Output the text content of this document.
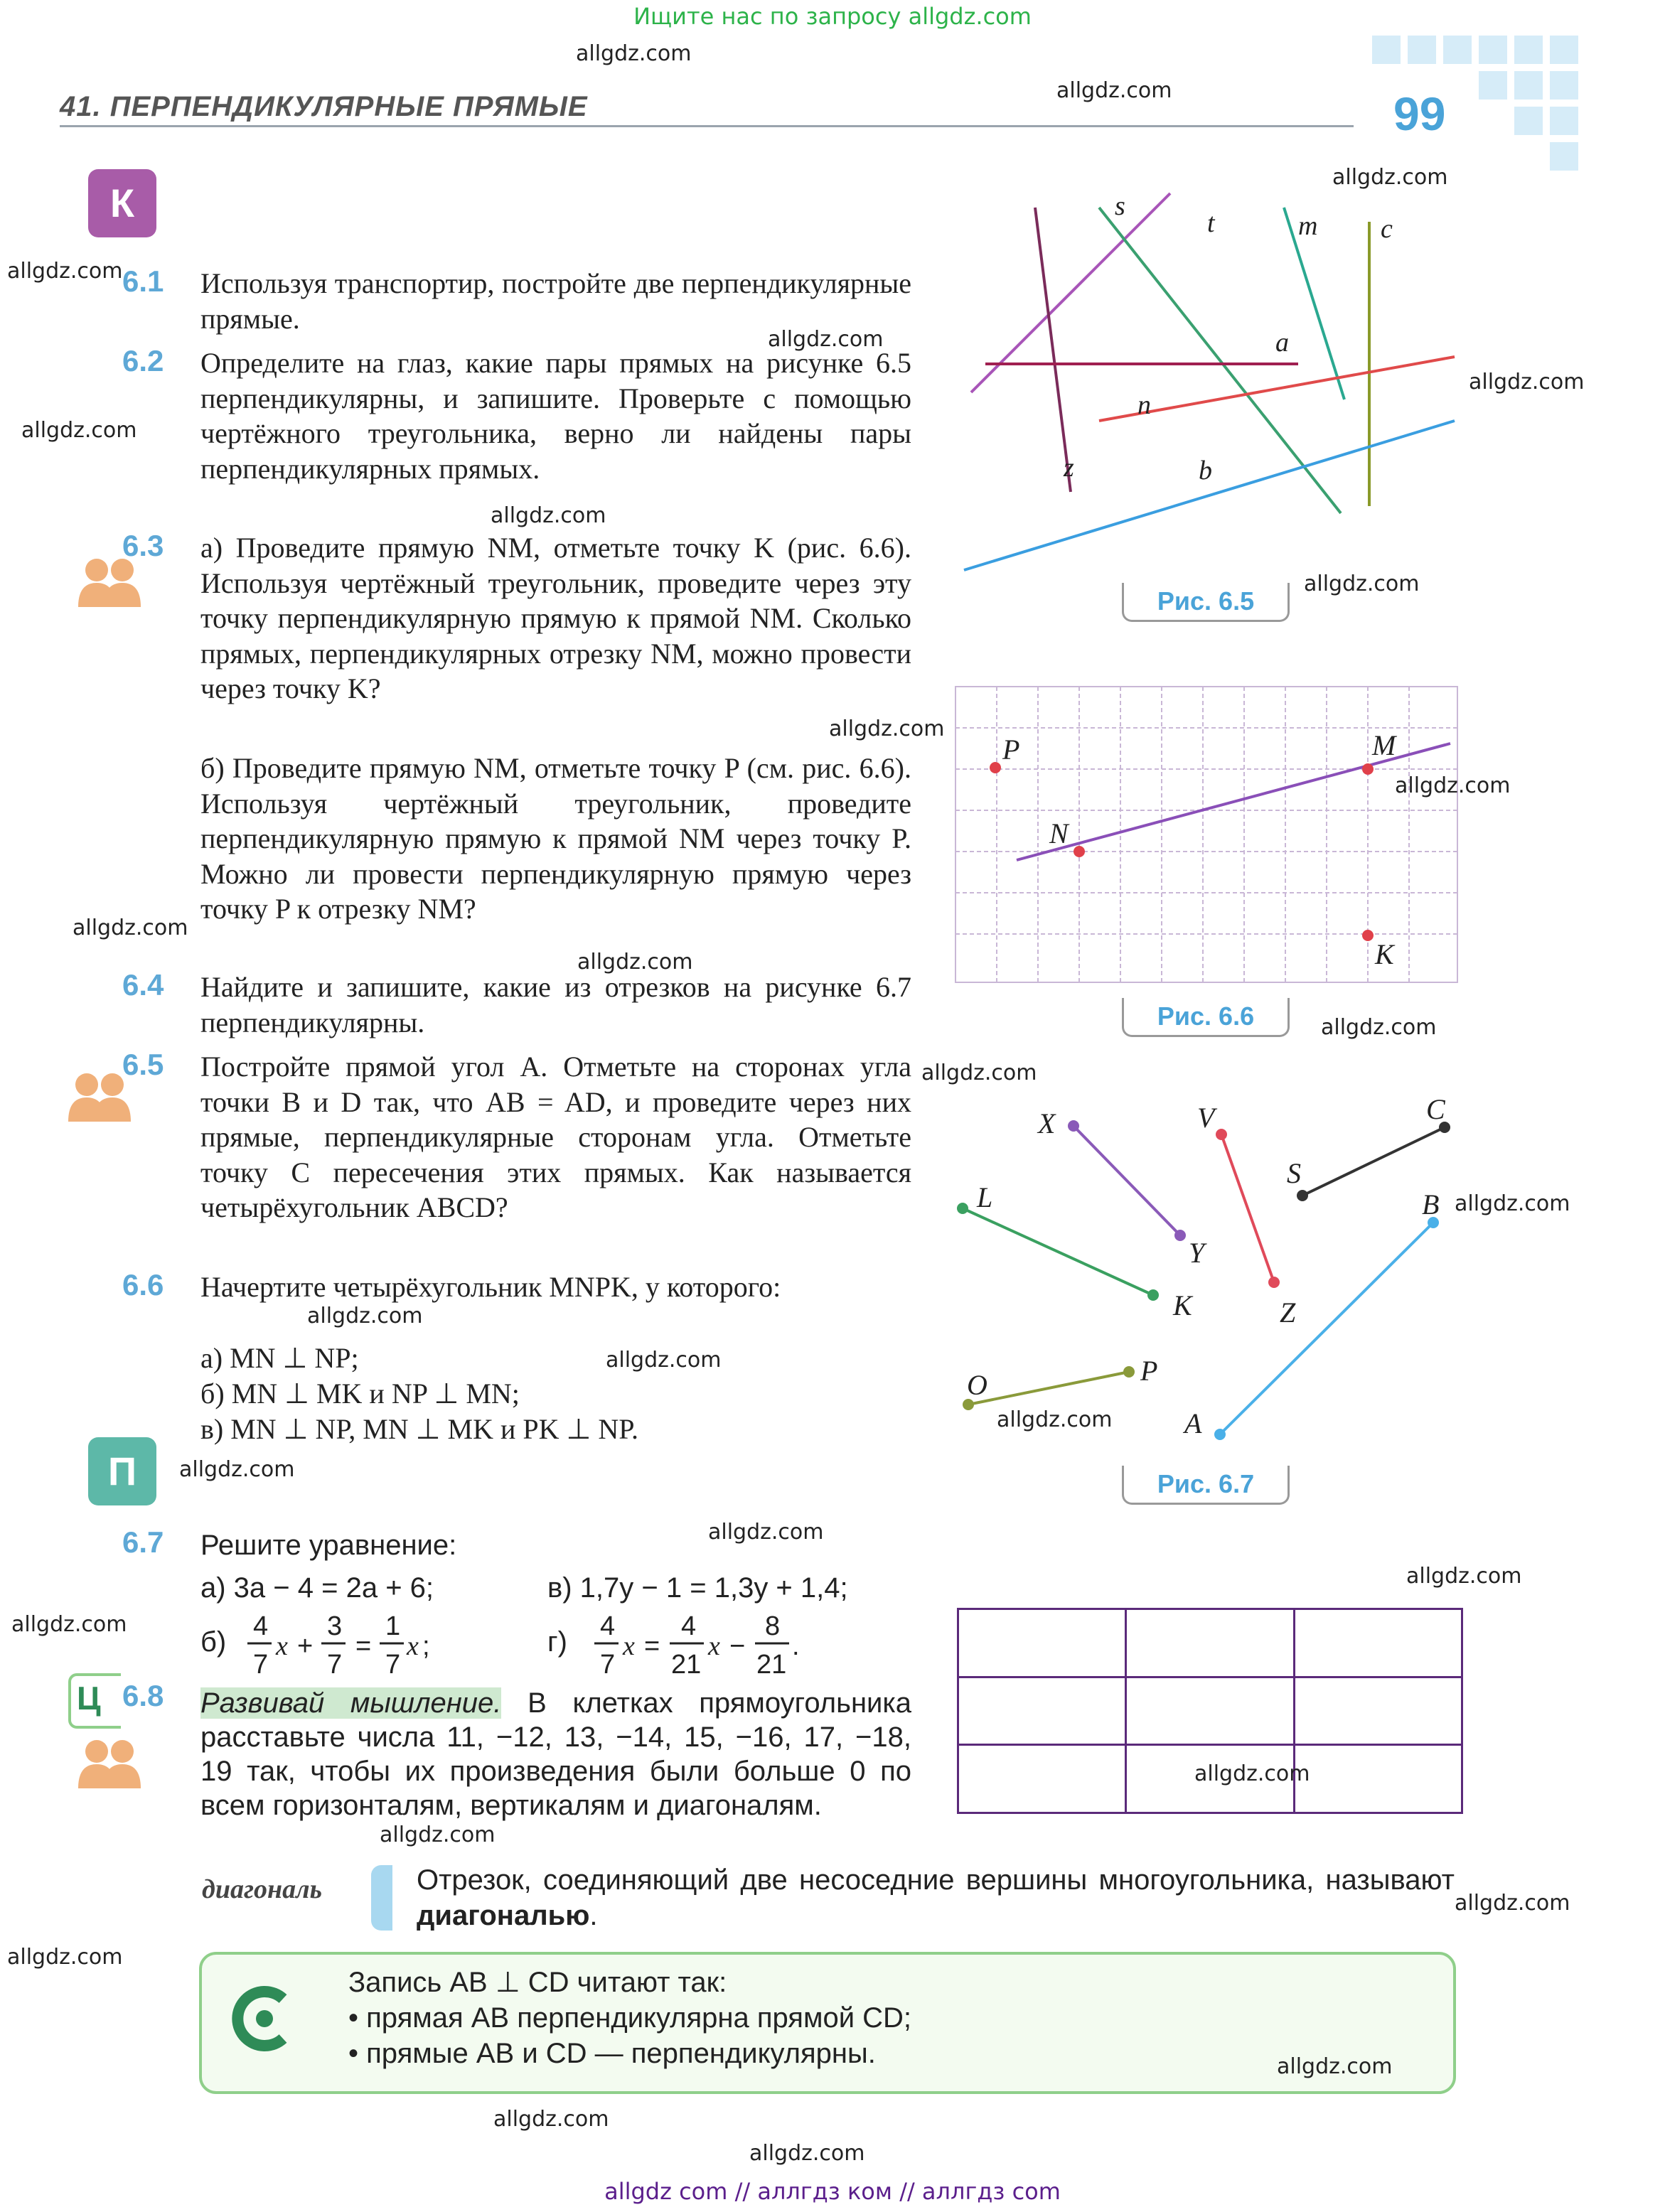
Ищите нас по запросу allgdz.com
41. ПЕРПЕНДИКУЛЯРНЫЕ ПРЯМЫЕ	99
К
6.1 Используя транспортир, постройте две перпендикулярные прямые.
6.2 Определите на глаз, какие пары прямых на рисунке 6.5 перпендикулярны, и запишите. Проверьте с помощью чертёжного треугольника, верно ли найдены пары перпендикулярных прямых.
6.3 а) Проведите прямую NM, отметьте точку K (рис. 6.6). Используя чертёжный треугольник, проведите через эту точку перпендикулярную прямую к прямой NM. Сколько прямых, перпендикулярных отрезку NM, можно провести через точку K?
б) Проведите прямую NM, отметьте точку P (см. рис. 6.6). Используя чертёжный треугольник, проведите перпендикулярную прямую к прямой NM через точку P. Можно ли провести перпендикулярную прямую через точку P к отрезку NM?
6.4 Найдите и запишите, какие из отрезков на рисунке 6.7 перпендикулярны.
6.5 Постройте прямой угол A. Отметьте на сторонах угла точки B и D так, что AB = AD, и проведите через них прямые, перпендикулярные сторонам угла. Отметьте точку C пересечения этих прямых. Как называется четырёхугольник ABCD?
6.6 Начертите четырёхугольник MNPK, у которого:
а) MN ⊥ NP;
б) MN ⊥ MK и NP ⊥ MN;
в) MN ⊥ NP, MN ⊥ MK и PK ⊥ NP.
П
6.7 Решите уравнение:
а) 3a − 4 = 2a + 6;	в) 1,7y − 1 = 1,3y + 1,4;
б) 4
7
x +
3
7
=
1
7
x ;	г) 4
7
x =
4
21
x −
8
21
.
Ц 6.8 Развивай мышление. В клетках прямоугольника расставьте числа 11, −12, 13, −14, 15, −16, 17, −18, 19 так, чтобы их произведения были больше 0 по всем горизонталям, вертикалям и диагоналям.

диагональ	Отрезок, соединяющий две несоседние вершины многоугольника, называют диагональю.
Запись AB ⊥ CD читают так:
• прямая AB перпендикулярна прямой CD;
• прямые AB и CD — перпендикулярны.
s
t	m c
a
n
b
z
Рис. 6.5
P	M
N
K
Рис. 6.6
X
Y
V
Z
C
S
L
K
B
A
O	P
Рис. 6.7
allgdz.com
allgdz.com
allgdz.com
allgdz.com
allgdz.com
allgdz.com
allgdz.com
allgdz.com
allgdz.com
allgdz.com
allgdz.com
allgdz.com
allgdz.com
allgdz.com
allgdz.com
allgdz.com
allgdz.com
allgdz.com
allgdz.com
allgdz.com
allgdz.com
allgdz.com
allgdz.com
allgdz.com
allgdz.com
allgdz.com
allgdz.com
allgdz.com
allgdz.com
allgdz.com
allgdz com // аллгдз ком // аллгдз com
